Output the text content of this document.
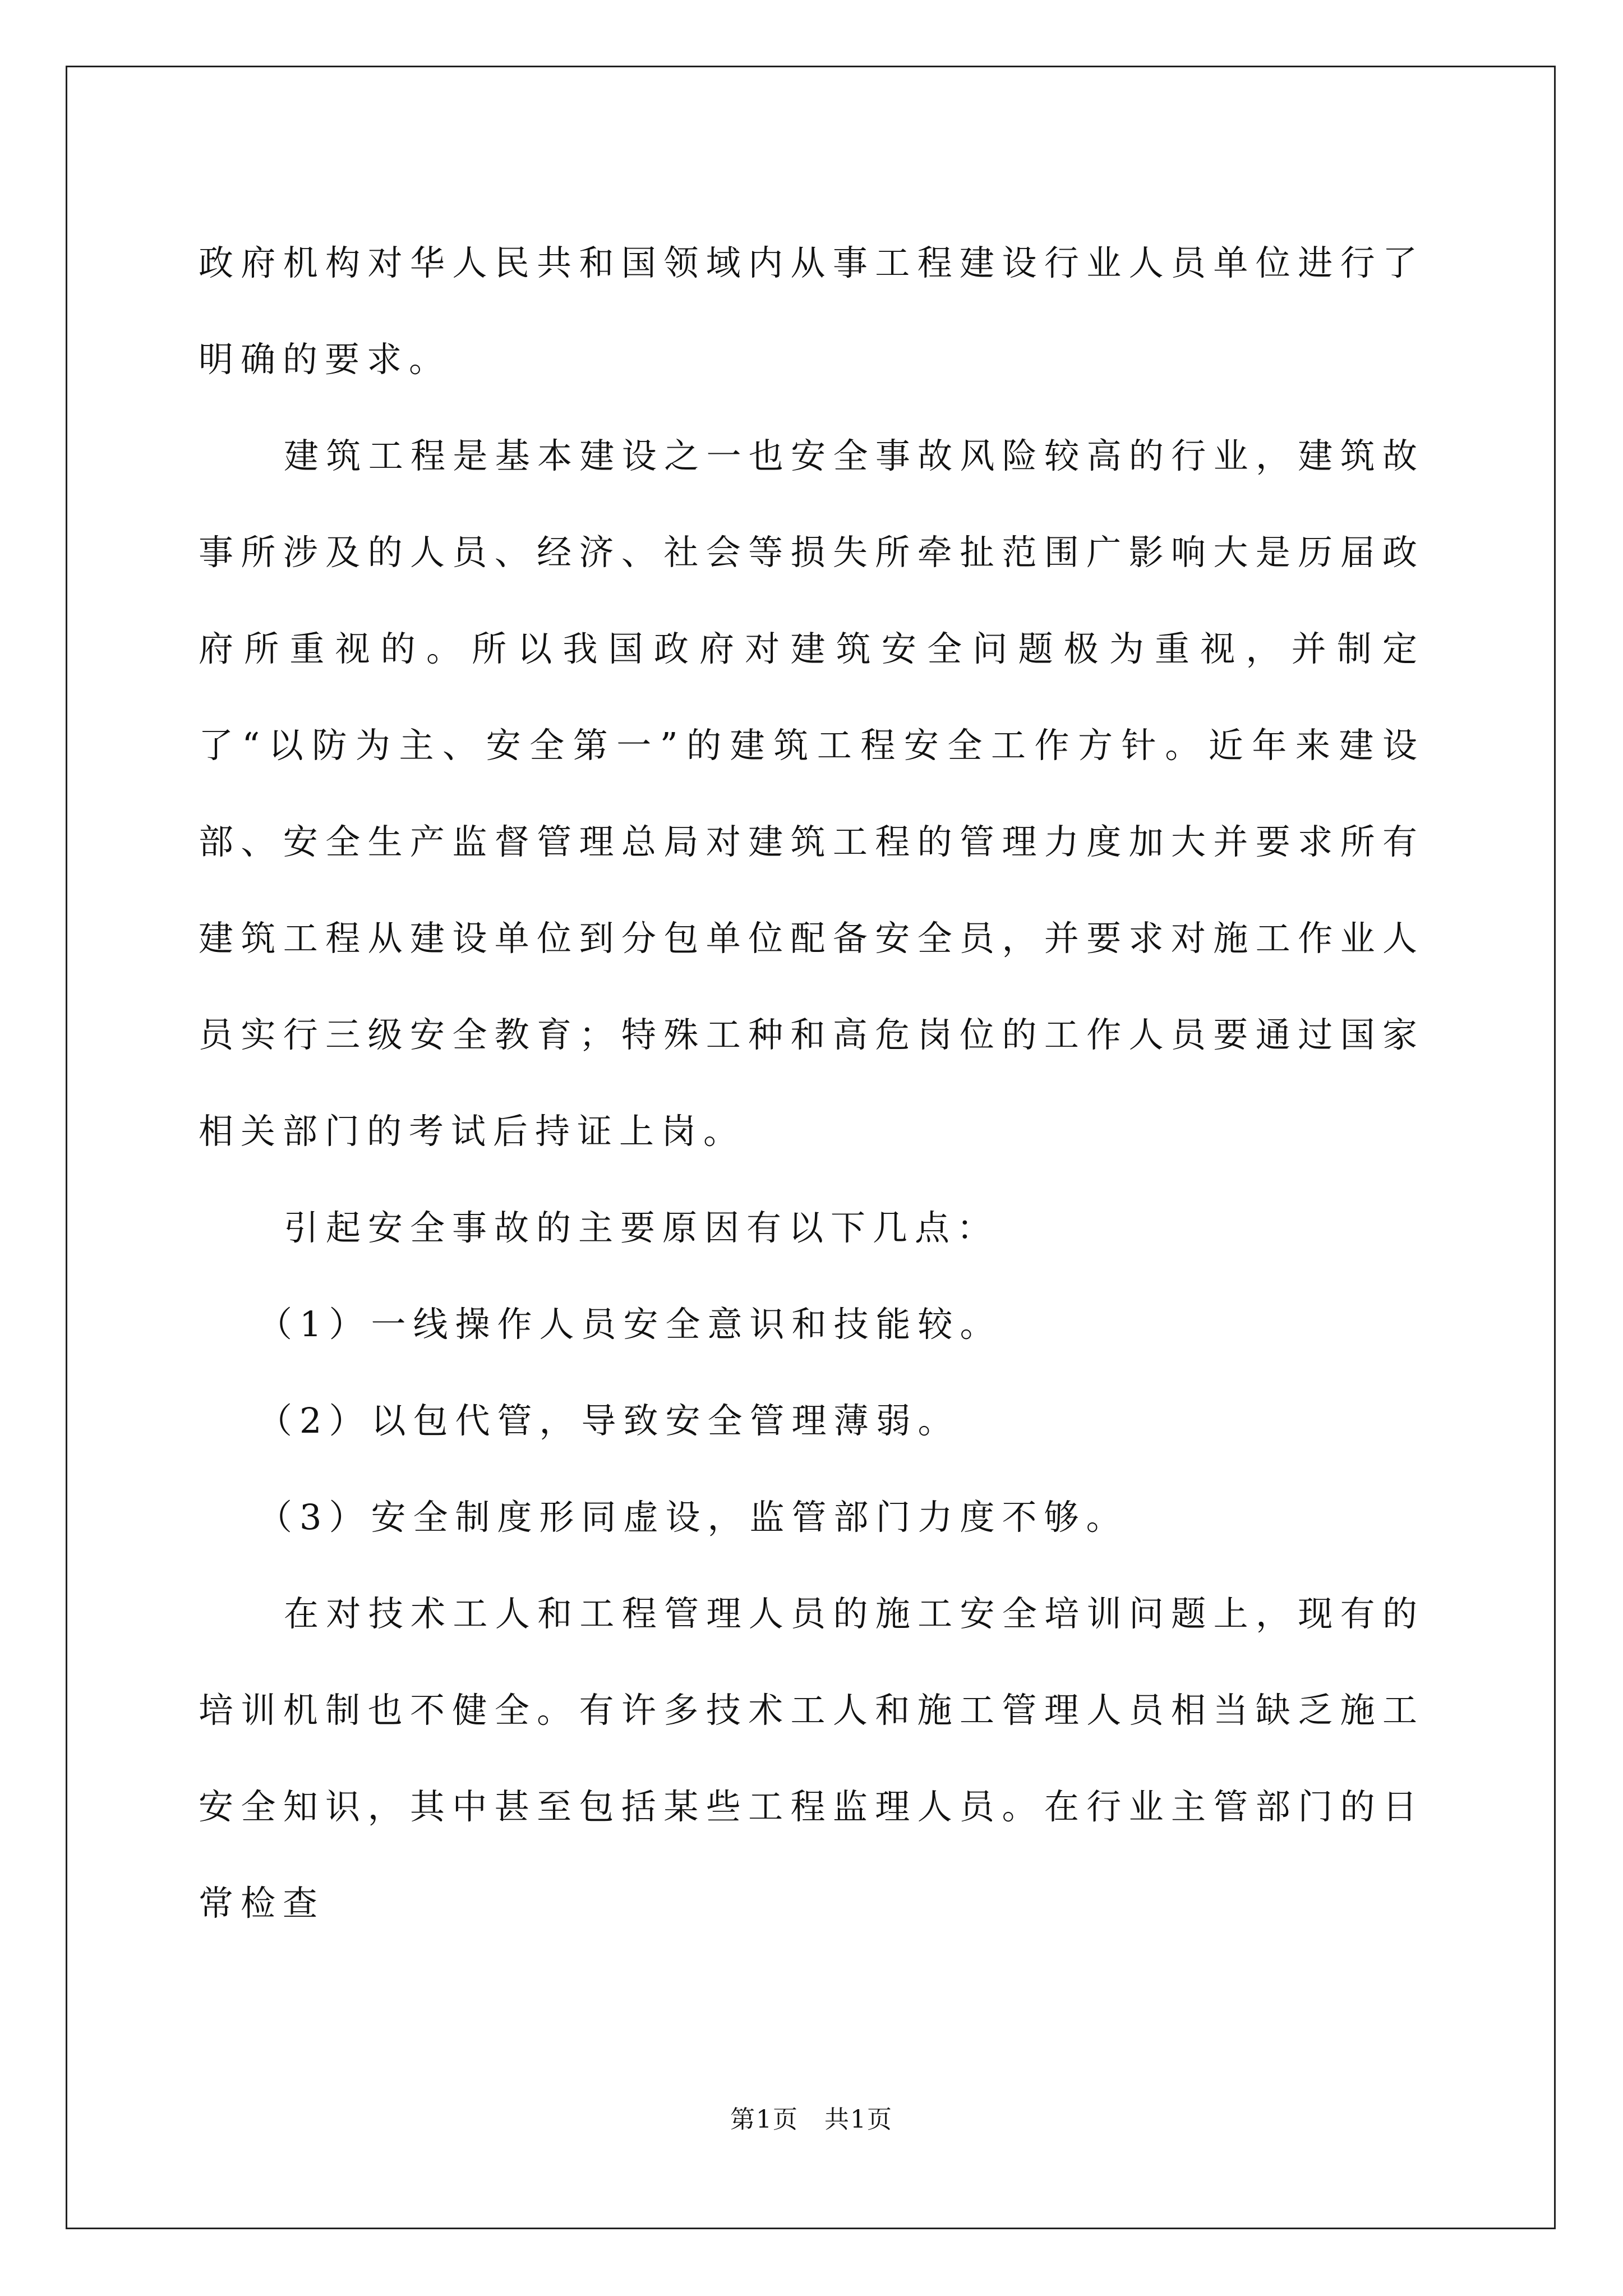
政府机构对华人民共和国领域内从事工程建设行业人员单位进行了明确的要求。

建筑工程是基本建设之一也安全事故风险较高的行业，建筑故事所涉及的人员、经济、社会等损失所牵扯范围广影响大是历届政府所重视的。所以我国政府对建筑安全问题极为重视，并制定了“以防为主、安全第一”的建筑工程安全工作方针。近年来建设部、安全生产监督管理总局对建筑工程的管理力度加大并要求所有建筑工程从建设单位到分包单位配备安全员，并要求对施工作业人员实行三级安全教育；特殊工种和高危岗位的工作人员要通过国家相关部门的考试后持证上岗。

引起安全事故的主要原因有以下几点：

（1）一线操作人员安全意识和技能较。

（2）以包代管，导致安全管理薄弱。

（3）安全制度形同虚设，监管部门力度不够。

在对技术工人和工程管理人员的施工安全培训问题上，现有的培训机制也不健全。有许多技术工人和施工管理人员相当缺乏施工安全知识，其中甚至包括某些工程监理人员。在行业主管部门的日常检查

第1页　共1页
